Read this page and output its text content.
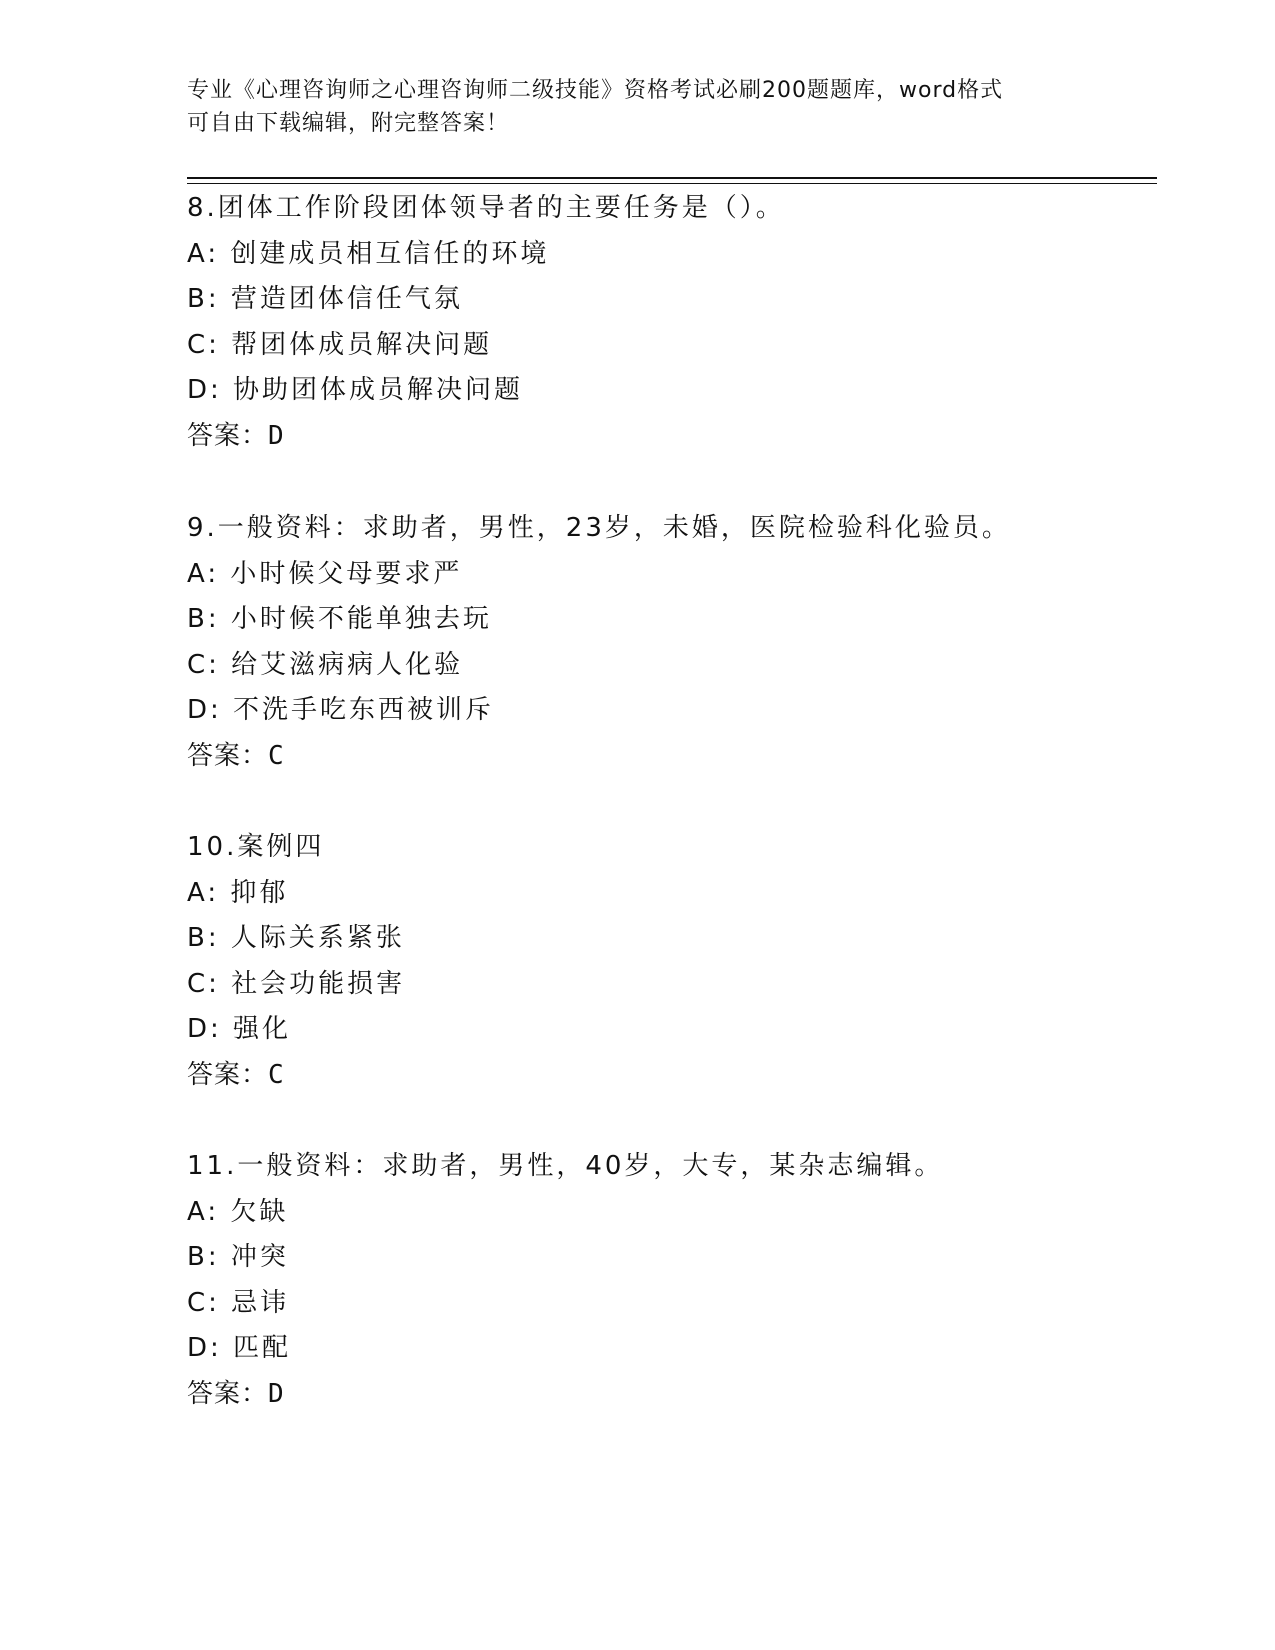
专业《心理咨询师之心理咨询师二级技能》资格考试必刷200题题库，word格式
可自由下载编辑，附完整答案！
8.团体工作阶段团体领导者的主要任务是（）。
A: 创建成员相互信任的环境
B: 营造团体信任气氛
C: 帮团体成员解决问题
D: 协助团体成员解决问题
答案：D
9.一般资料：求助者，男性，23岁，未婚，医院检验科化验员。
A: 小时候父母要求严
B: 小时候不能单独去玩
C: 给艾滋病病人化验
D: 不洗手吃东西被训斥
答案：C
10.案例四
A: 抑郁
B: 人际关系紧张
C: 社会功能损害
D: 强化
答案：C
11.一般资料：求助者，男性，40岁，大专，某杂志编辑。
A: 欠缺
B: 冲突
C: 忌讳
D: 匹配
答案：D
